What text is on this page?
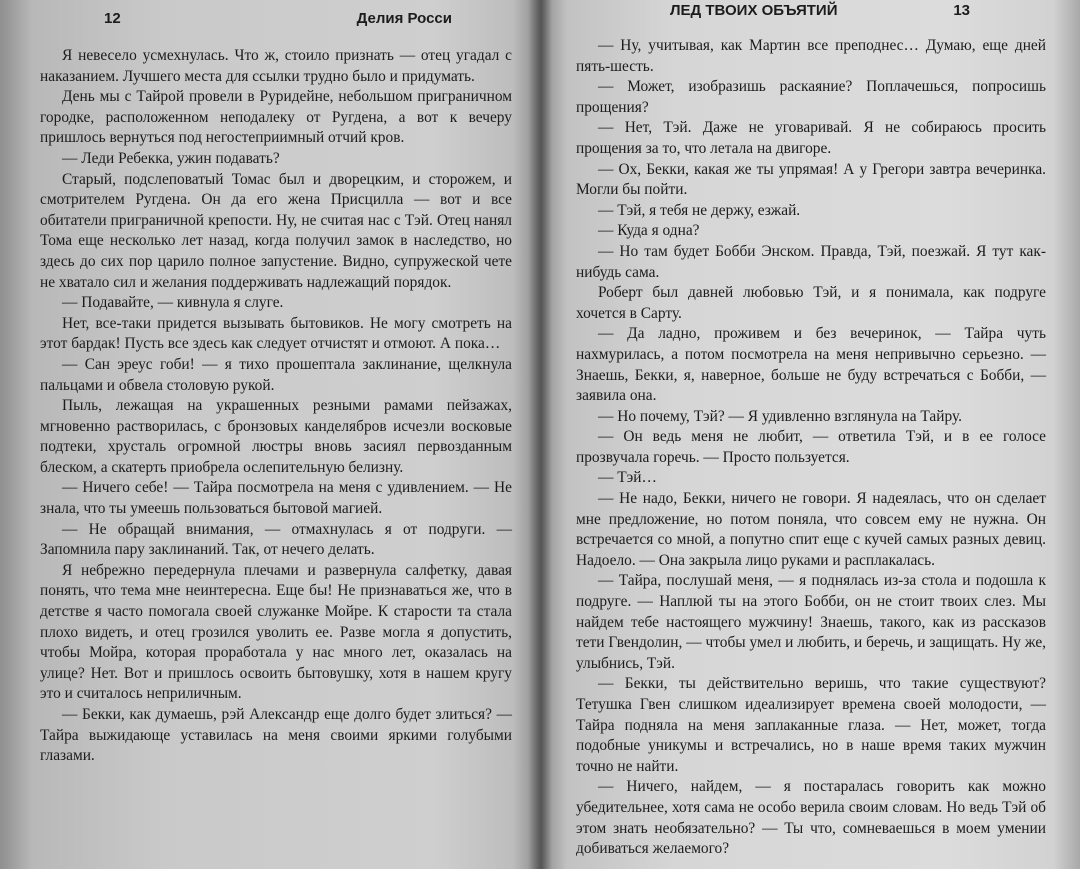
12	Делия Росси

Я невесело усмехнулась. Что ж, стоило признать — отец угадал с наказанием. Лучшего места для ссылки трудно было и придумать.

День мы с Тайрой провели в Руридейне, небольшом приграничном городке, расположенном неподалеку от Ругдена, а вот к вечеру пришлось вернуться под негостеприимный отчий кров.

— Леди Ребекка, ужин подавать?

Старый, подслеповатый Томас был и дворецким, и сторожем, и смотрителем Ругдена. Он да его жена Присцилла — вот и все обитатели приграничной крепости. Ну, не считая нас с Тэй. Отец нанял Тома еще несколько лет назад, когда получил замок в наследство, но здесь до сих пор царило полное запустение. Видно, супружеской чете не хватало сил и желания поддерживать надлежащий порядок.

— Подавайте, — кивнула я слуге.

Нет, все-таки придется вызывать бытовиков. Не могу смотреть на этот бардак! Пусть все здесь как следует отчистят и отмоют. А пока…

— Сан эреус гоби! — я тихо прошептала заклинание, щелкнула пальцами и обвела столовую рукой.

Пыль, лежащая на украшенных резными рамами пейзажах, мгновенно растворилась, с бронзовых канделябров исчезли восковые подтеки, хрусталь огромной люстры вновь засиял первозданным блеском, а скатерть приобрела ослепительную белизну.

— Ничего себе! — Тайра посмотрела на меня с удивлением. — Не знала, что ты умеешь пользоваться бытовой магией.

— Не обращай внимания, — отмахнулась я от подруги. — Запомнила пару заклинаний. Так, от нечего делать.

Я небрежно передернула плечами и развернула салфетку, давая понять, что тема мне неинтересна. Еще бы! Не признаваться же, что в детстве я часто помогала своей служанке Мойре. К старости та стала плохо видеть, и отец грозился уволить ее. Разве могла я допустить, чтобы Мойра, которая проработала у нас много лет, оказалась на улице? Нет. Вот и пришлось освоить бытовушку, хотя в нашем кругу это и считалось неприличным.

— Бекки, как думаешь, рэй Александр еще долго будет злиться? — Тайра выжидающе уставилась на меня своими яркими голубыми глазами.

ЛЕД ТВОИХ ОБЪЯТИЙ	13

— Ну, учитывая, как Мартин все преподнес… Думаю, еще дней пять-шесть.

— Может, изобразишь раскаяние? Поплачешься, попросишь прощения?

— Нет, Тэй. Даже не уговаривай. Я не собираюсь просить прощения за то, что летала на двигоре.

— Ох, Бекки, какая же ты упрямая! А у Грегори завтра вечеринка. Могли бы пойти.

— Тэй, я тебя не держу, езжай.

— Куда я одна?

— Но там будет Бобби Энском. Правда, Тэй, поезжай. Я тут как-нибудь сама.

Роберт был давней любовью Тэй, и я понимала, как подруге хочется в Сарту.

— Да ладно, проживем и без вечеринок, — Тайра чуть нахмурилась, а потом посмотрела на меня непривычно серьезно. — Знаешь, Бекки, я, наверное, больше не буду встречаться с Бобби, — заявила она.

— Но почему, Тэй? — Я удивленно взглянула на Тайру.

— Он ведь меня не любит, — ответила Тэй, и в ее голосе прозвучала горечь. — Просто пользуется.

— Тэй…

— Не надо, Бекки, ничего не говори. Я надеялась, что он сделает мне предложение, но потом поняла, что совсем ему не нужна. Он встречается со мной, а попутно спит еще с кучей самых разных девиц. Надоело. — Она закрыла лицо руками и расплакалась.

— Тайра, послушай меня, — я поднялась из-за стола и подошла к подруге. — Наплюй ты на этого Бобби, он не стоит твоих слез. Мы найдем тебе настоящего мужчину! Знаешь, такого, как из рассказов тети Гвендолин, — чтобы умел и любить, и беречь, и защищать. Ну же, улыбнись, Тэй.

— Бекки, ты действительно веришь, что такие существуют? Тетушка Гвен слишком идеализирует времена своей молодости, — Тайра подняла на меня заплаканные глаза. — Нет, может, тогда подобные уникумы и встречались, но в наше время таких мужчин точно не найти.

— Ничего, найдем, — я постаралась говорить как можно убедительнее, хотя сама не особо верила своим словам. Но ведь Тэй об этом знать необязательно? — Ты что, сомневаешься в моем умении добиваться желаемого?
